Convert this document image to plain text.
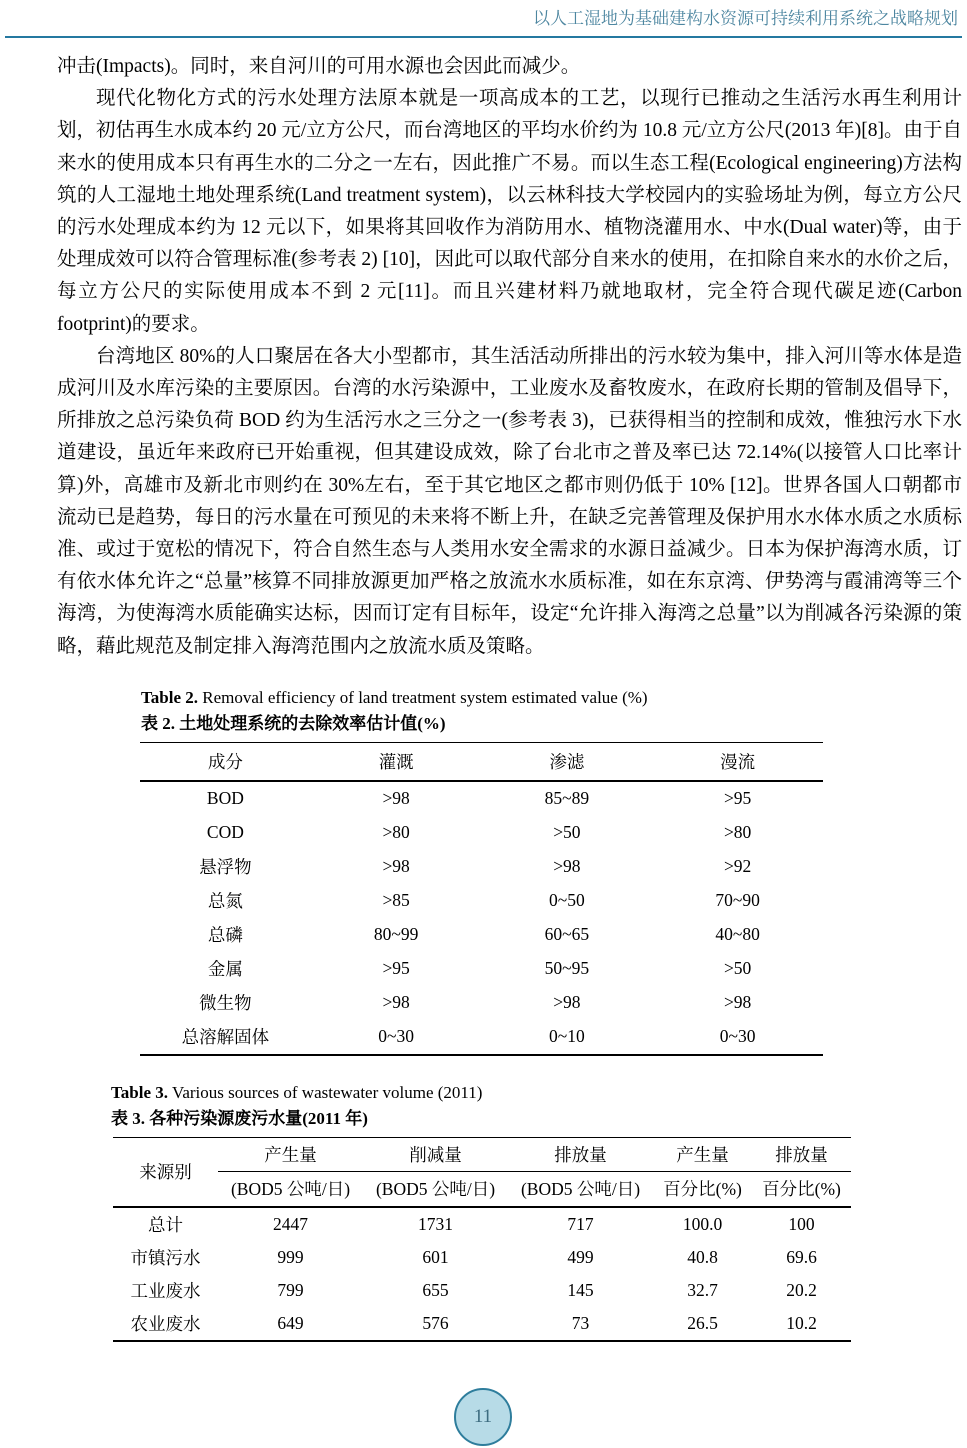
以人工湿地为基础建构水资源可持续利用系统之战略规划

冲击(Impacts)。同时，来自河川的可用水源也会因此而减少。

现代化物化方式的污水处理方法原本就是一项高成本的工艺，以现行已推动之生活污水再生利用计划，初估再生水成本约 20 元/立方公尺，而台湾地区的平均水价约为 10.8 元/立方公尺(2013 年)[8]。由于自来水的使用成本只有再生水的二分之一左右，因此推广不易。而以生态工程(Ecological engineering)方法构筑的人工湿地土地处理系统(Land treatment system)，以云林科技大学校园内的实验场址为例，每立方公尺的污水处理成本约为 12 元以下，如果将其回收作为消防用水、植物浇灌用水、中水(Dual water)等，由于处理成效可以符合管理标准(参考表 2) [10]，因此可以取代部分自来水的使用，在扣除自来水的水价之后，每立方公尺的实际使用成本不到 2 元[11]。而且兴建材料乃就地取材，完全符合现代碳足迹(Carbon footprint)的要求。

台湾地区 80%的人口聚居在各大小型都市，其生活活动所排出的污水较为集中，排入河川等水体是造成河川及水库污染的主要原因。台湾的水污染源中，工业废水及畜牧废水，在政府长期的管制及倡导下，所排放之总污染负荷 BOD 约为生活污水之三分之一(参考表 3)，已获得相当的控制和成效，惟独污水下水道建设，虽近年来政府已开始重视，但其建设成效，除了台北市之普及率已达 72.14%(以接管人口比率计算)外，高雄市及新北市则约在 30%左右，至于其它地区之都市则仍低于 10% [12]。世界各国人口朝都市流动已是趋势，每日的污水量在可预见的未来将不断上升，在缺乏完善管理及保护用水水体水质之水质标准、或过于宽松的情况下，符合自然生态与人类用水安全需求的水源日益减少。日本为保护海湾水质，订有依水体允许之“总量”核算不同排放源更加严格之放流水水质标准，如在东京湾、伊势湾与霞浦湾等三个海湾，为使海湾水质能确实达标，因而订定有目标年，设定“允许排入海湾之总量”以为削减各污染源的策略，藉此规范及制定排入海湾范围内之放流水质及策略。

Table 2. Removal efficiency of land treatment system estimated value (%)
表 2. 土地处理系统的去除效率估计值(%)
成分	灌溉	渗滤	漫流
BOD	>98	85~89	>95
COD	>80	>50	>80
悬浮物	>98	>98	>92
总氮	>85	0~50	70~90
总磷	80~99	60~65	40~80
金属	>95	50~95	>50
微生物	>98	>98	>98
总溶解固体	0~30	0~10	0~30
Table 3. Various sources of wastewater volume (2011)
表 3. 各种污染源废污水量(2011 年)
来源别	产生量	削减量	排放量	产生量	排放量
	(BOD5 公吨/日)	(BOD5 公吨/日)	(BOD5 公吨/日)	百分比(%)	百分比(%)
总计	2447	1731	717	100.0	100
市镇污水	999	601	499	40.8	69.6
工业废水	799	655	145	32.7	20.2
农业废水	649	576	73	26.5	10.2
11
